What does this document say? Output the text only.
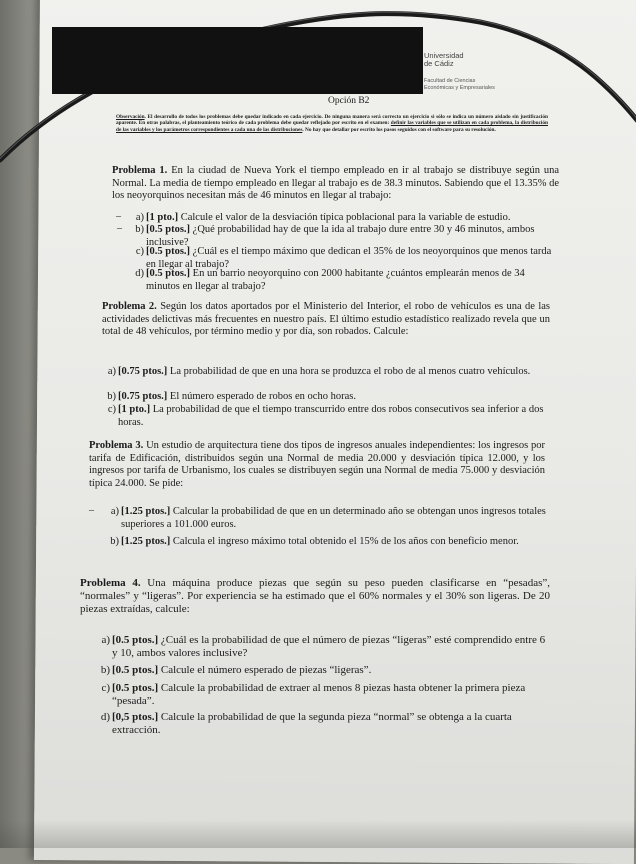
Universidad
de Cádiz
Facultad de Ciencias
Económicas y Empresariales
Opción B2
Observación. El desarrollo de todos los problemas debe quedar indicado en cada ejercicio. De ninguna manera será correcto un ejercicio si sólo se indica un número aislado sin justificación aparente. En otras palabras, el planteamiento teórico de cada problema debe quedar reflejado por escrito en el examen: definir las variables que se utilizan en cada problema, la distribución de las variables y los parámetros correspondientes a cada una de las distribuciones. No hay que detallar por escrito los pasos seguidos con el software para su resolución.
Problema 1. En la ciudad de Nueva York el tiempo empleado en ir al trabajo se distribuye según una Normal. La media de tiempo empleado en llegar al trabajo es de 38.3 minutos. Sabiendo que el 13.35% de los neoyorquinos necesitan más de 46 minutos en llegar al trabajo:
–
–
a) [1 pto.] Calcule el valor de la desviación típica poblacional para la variable de estudio.
b) [0.5 ptos.] ¿Qué probabilidad hay de que la ida al trabajo dure entre 30 y 46 minutos, ambos inclusive?
c) [0.5 ptos.] ¿Cuál es el tiempo máximo que dedican el 35% de los neoyorquinos que menos tarda en llegar al trabajo?
d) [0.5 ptos.] En un barrio neoyorquino con 2000 habitante ¿cuántos emplearán menos de 34 minutos en llegar al trabajo?
Problema 2. Según los datos aportados por el Ministerio del Interior, el robo de vehículos es una de las actividades delictivas más frecuentes en nuestro país. El último estudio estadístico realizado revela que un total de 48 vehículos, por término medio y por día, son robados. Calcule:
a) [0.75 ptos.] La probabilidad de que en una hora se produzca el robo de al menos cuatro vehículos.
b) [0.75 ptos.] El número esperado de robos en ocho horas.
c) [1 pto.] La probabilidad de que el tiempo transcurrido entre dos robos consecutivos sea inferior a dos horas.
Problema 3. Un estudio de arquitectura tiene dos tipos de ingresos anuales independientes: los ingresos por tarifa de Edificación, distribuidos según una Normal de media 20.000 y desviación típica 12.000, y los ingresos por tarifa de Urbanismo, los cuales se distribuyen según una Normal de media 75.000 y desviación típica 24.000. Se pide:
–	a) [1.25 ptos.] Calcular la probabilidad de que en un determinado año se obtengan unos ingresos totales superiores a 101.000 euros.
b) [1.25 ptos.] Calcula el ingreso máximo total obtenido el 15% de los años con beneficio menor.
Problema 4. Una máquina produce piezas que según su peso pueden clasificarse en “pesadas”, “normales” y “ligeras”. Por experiencia se ha estimado que el 60% normales y el 30% son ligeras. De 20 piezas extraídas, calcule:
a) [0.5 ptos.] ¿Cuál es la probabilidad de que el número de piezas “ligeras” esté comprendido entre 6 y 10, ambos valores inclusive?
b) [0.5 ptos.] Calcule el número esperado de piezas “ligeras”.
c) [0.5 ptos.] Calcule la probabilidad de extraer al menos 8 piezas hasta obtener la primera pieza “pesada”.
d) [0,5 ptos.] Calcule la probabilidad de que la segunda pieza “normal” se obtenga a la cuarta extracción.
